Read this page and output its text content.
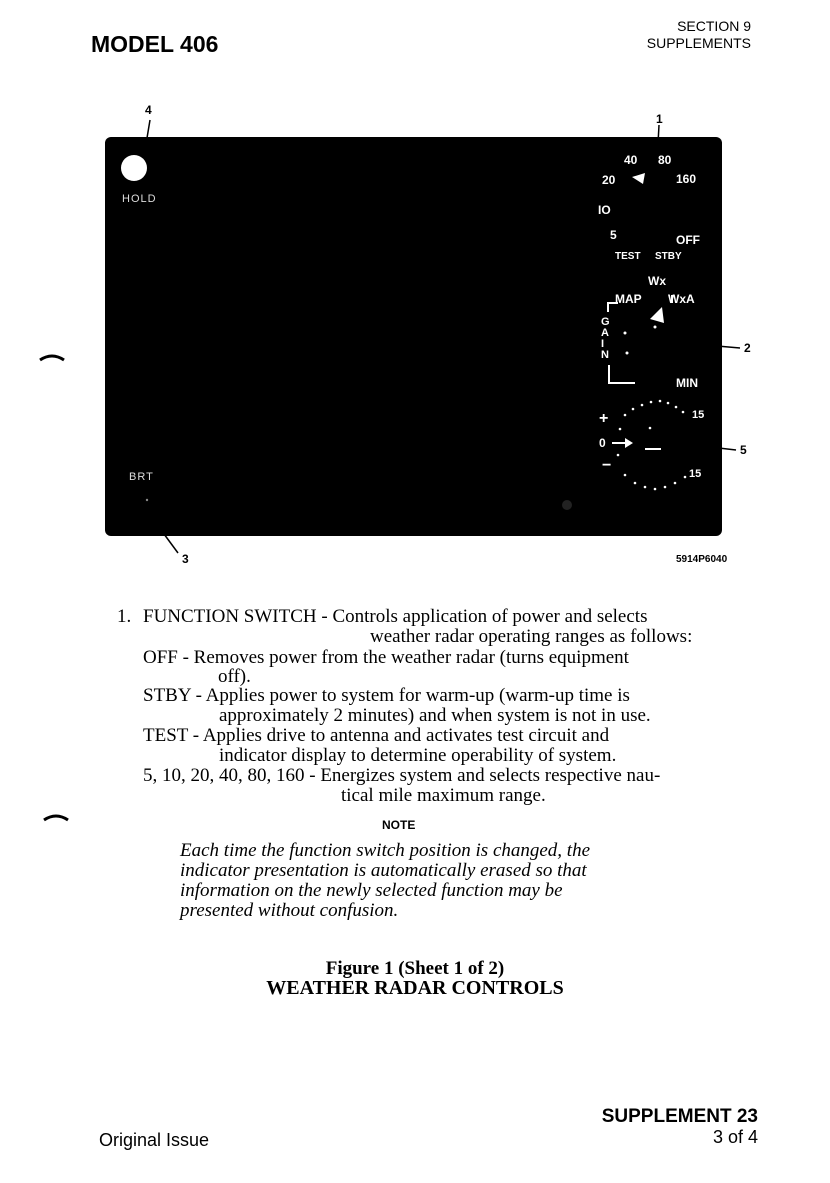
MODEL 406
SECTION 9
SUPPLEMENTS
HOLD
BRT
40 80
20	160
IO
5	OFF
TEST STBY
Wx
MAP WxA
MIN
G
A
I
N
+
0
−
15
15
4
1
2
5
3	5914P6040
1. FUNCTION SWITCH - Controls application of power and selects
weather radar operating ranges as follows:
OFF - Removes power from the weather radar (turns equipment
off).
STBY - Applies power to system for warm-up (warm-up time is
approximately 2 minutes) and when system is not in use.
TEST - Applies drive to antenna and activates test circuit and
indicator display to determine operability of system.
5, 10, 20, 40, 80, 160 - Energizes system and selects respective nau-
tical mile maximum range.
NOTE
Each time the function switch position is changed, the indicator presentation is automatically erased so that information on the newly selected function may be presented without confusion.
Figure 1 (Sheet 1 of 2)
WEATHER RADAR CONTROLS
SUPPLEMENT 23
3 of 4
Original Issue
